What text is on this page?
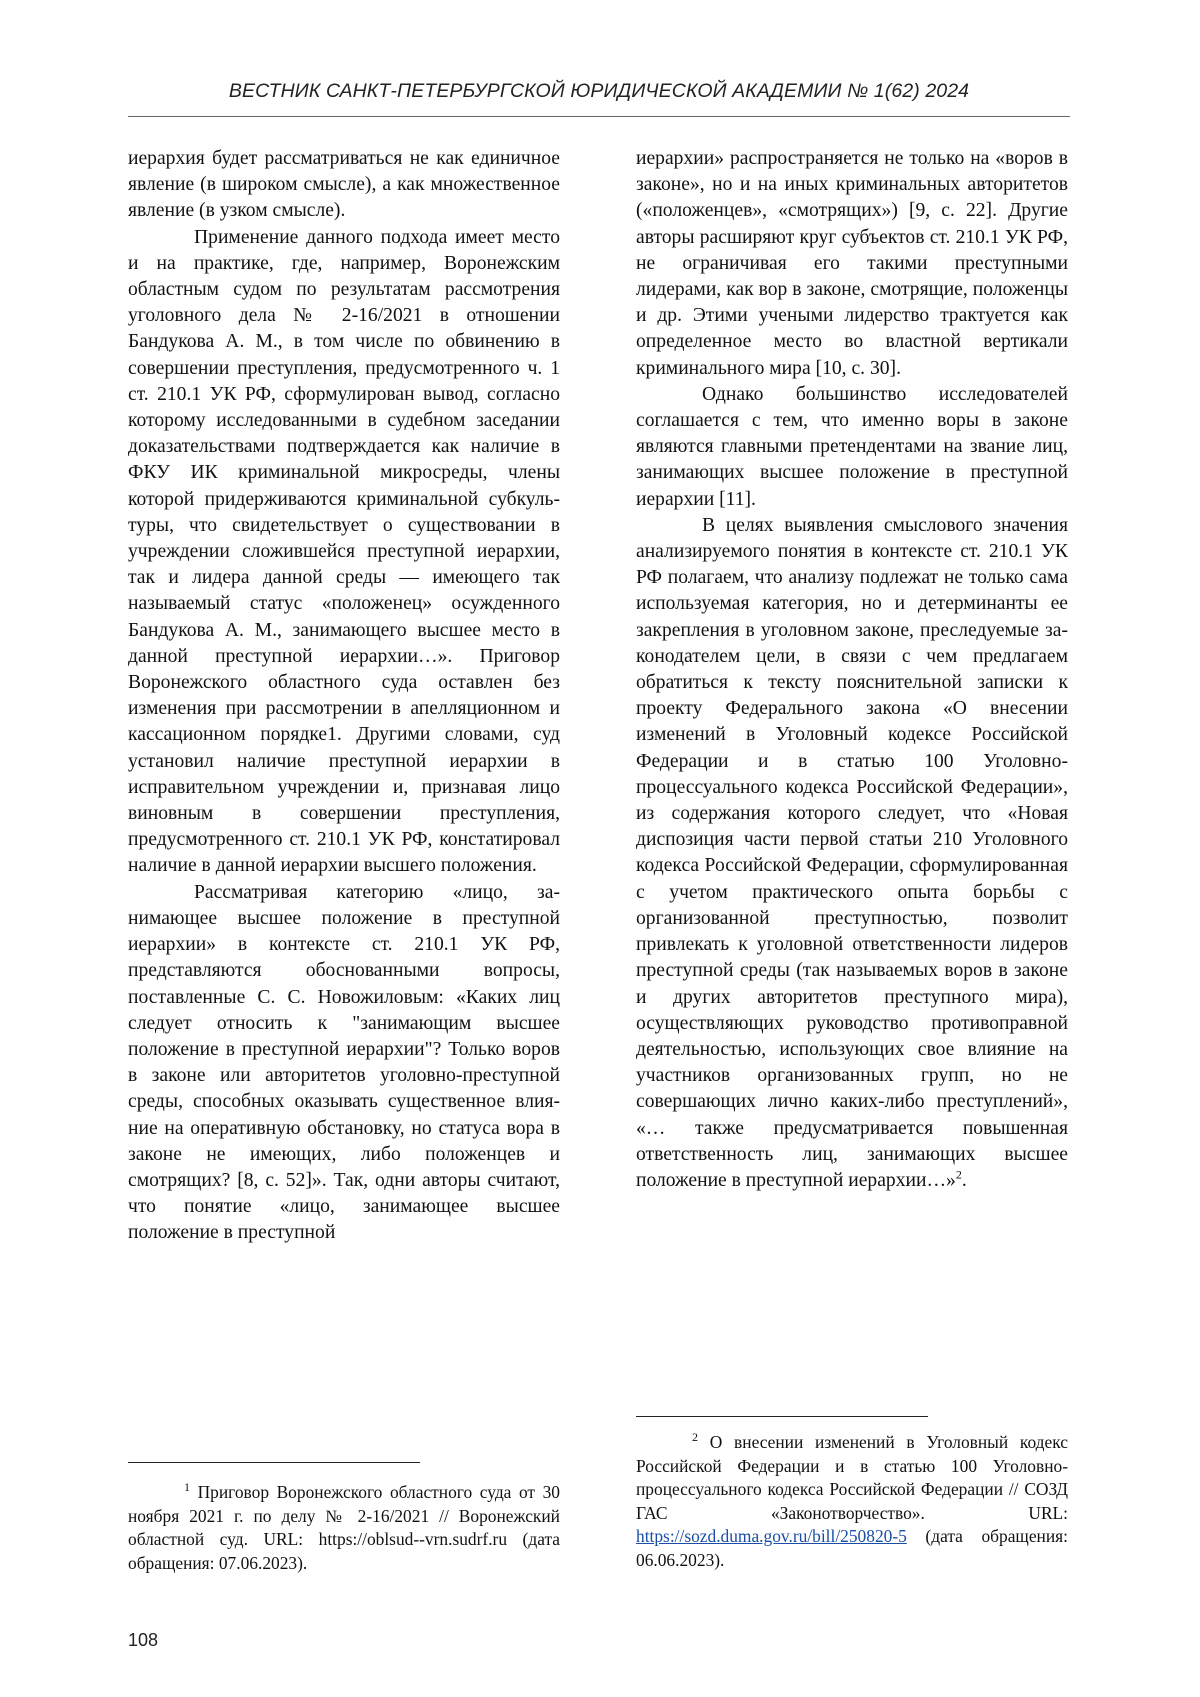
ВЕСТНИК САНКТ-ПЕТЕРБУРГСКОЙ ЮРИДИЧЕСКОЙ АКАДЕМИИ № 1(62) 2024

иерархия будет рассматриваться не как единичное явление (в широком смысле), а как множественное явление (в узком смысле).

Применение данного подхода имеет место и на практике, где, например, Воронежским областным судом по результатам рассмотрения уголовного дела № 2-16/2021 в отношении Бандукова А. М., в том числе по обвинению в совершении преступления, предусмотренного ч. 1 ст. 210.1 УК РФ, сформулирован вывод, согласно которому исследованными в судебном заседании доказательствами подтверждается как наличие в ФКУ ИК криминальной микросреды, члены которой придерживаются криминальной субкультуры, что свидетельствует о существовании в учреждении сложившейся преступной иерархии, так и лидера данной среды — имеющего так называемый статус «положенец» осужденного Бандукова А. М., занимающего высшее место в данной преступной иерархии…». Приговор Воронежского областного суда оставлен без изменения при рассмотрении в апелляционном и кассационном порядке1. Другими словами, суд установил наличие преступной иерархии в исправительном учреждении и, признавая лицо виновным в совершении преступления, предусмотренного ст. 210.1 УК РФ, констатировал наличие в данной иерархии высшего положения.

Рассматривая категорию «лицо, занимающее высшее положение в преступной иерархии» в контексте ст. 210.1 УК РФ, представляются обоснованными вопросы, поставленные С. С. Новожиловым: «Каких лиц следует относить к "занимающим высшее положение в преступной иерархии"? Только воров в законе или авторитетов уголовно-преступной среды, способных оказывать существенное влияние на оперативную обстановку, но статуса вора в законе не имеющих, либо положенцев и смотрящих? [8, с. 52]». Так, одни авторы считают, что понятие «лицо, занимающее высшее положение в преступной

иерархии» распространяется не только на «воров в законе», но и на иных криминальных авторитетов («положенцев», «смотрящих») [9, с. 22]. Другие авторы расширяют круг субъектов ст. 210.1 УК РФ, не ограничивая его такими преступными лидерами, как вор в законе, смотрящие, положенцы и др. Этими учеными лидерство трактуется как определенное место во властной вертикали криминального мира [10, с. 30].

Однако большинство исследователей соглашается с тем, что именно воры в законе являются главными претендентами на звание лиц, занимающих высшее положение в преступной иерархии [11].

В целях выявления смыслового значения анализируемого понятия в контексте ст. 210.1 УК РФ полагаем, что анализу подлежат не только сама используемая категория, но и детерминанты ее закрепления в уголовном законе, преследуемые законодателем цели, в связи с чем предлагаем обратиться к тексту пояснительной записки к проекту Федерального закона «О внесении изменений в Уголовный кодексе Российской Федерации и в статью 100 Уголовно-процессуального кодекса Российской Федерации», из содержания которого следует, что «Новая диспозиция части первой статьи 210 Уголовного кодекса Российской Федерации, сформулированная с учетом практического опыта борьбы с организованной преступностью, позволит привлекать к уголовной ответственности лидеров преступной среды (так называемых воров в законе и других авторитетов преступного мира), осуществляющих руководство противоправной деятельностью, использующих свое влияние на участников организованных групп, но не совершающих лично каких-либо преступлений», «… также предусматривается повышенная ответственность лиц, занимающих высшее положение в преступной иерархии…»$^2$.

$^1$ Приговор Воронежского областного суда от 30 ноября 2021 г. по делу № 2-16/2021 // Воронежский областной суд. URL: https://oblsud--vrn.sudrf.ru (дата обращения: 07.06.2023).

$^2$ О внесении изменений в Уголовный кодекс Российской Федерации и в статью 100 Уголовно-процессуального кодекса Российской Федерации // СОЗД ГАС «Законотворчество». URL: https://sozd.duma.gov.ru/bill/250820-5 (дата обращения: 06.06.2023).

108
